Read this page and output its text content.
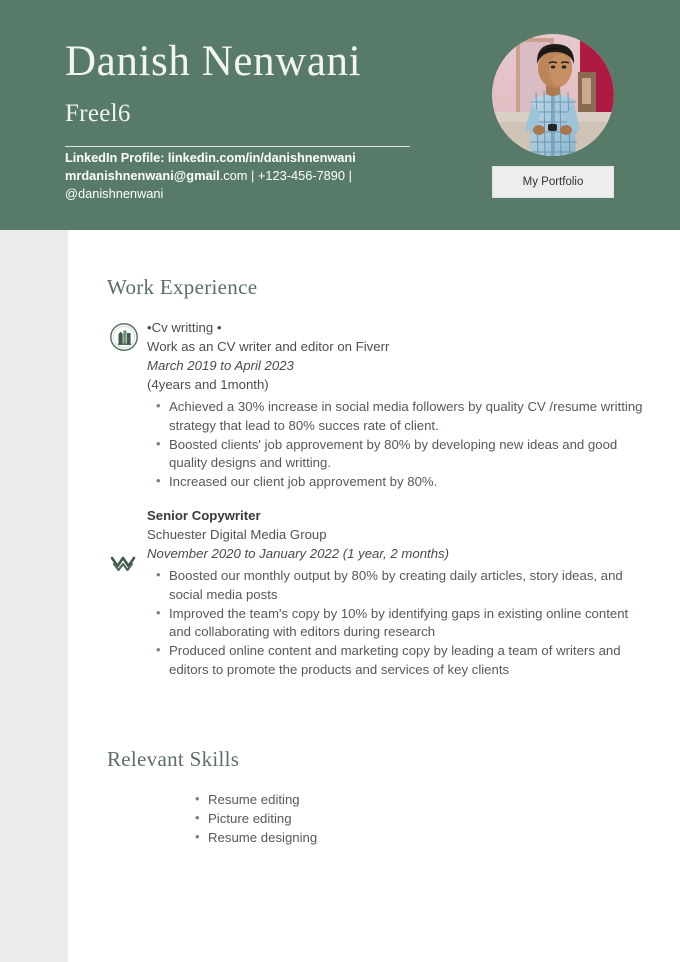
Danish Nenwani
Freel6
LinkedIn Profile: linkedin.com/in/danishnenwani
mrdanishnenwani@gmail.com | +123-456-7890 |
@danishnenwani
My Portfolio
Work Experience
•Cv writting •
Work as an CV writer and editor on Fiverr
March 2019 to April 2023
(4years and 1month)
• Achieved a 30% increase in social media followers by quality CV /resume writting strategy that lead to 80% succes rate of client.
• Boosted clients' job approvement by 80% by developing new ideas and good quality designs and writting.
• Increased our client job approvement by 80%.
Senior Copywriter
Schuester Digital Media Group
November 2020 to January 2022 (1 year, 2 months)
• Boosted our monthly output by 80% by creating daily articles, story ideas, and social media posts
• Improved the team's copy by 10% by identifying gaps in existing online content and collaborating with editors during research
• Produced online content and marketing copy by leading a team of writers and editors to promote the products and services of key clients
Relevant Skills
• Resume editing
• Picture editing
• Resume designing
